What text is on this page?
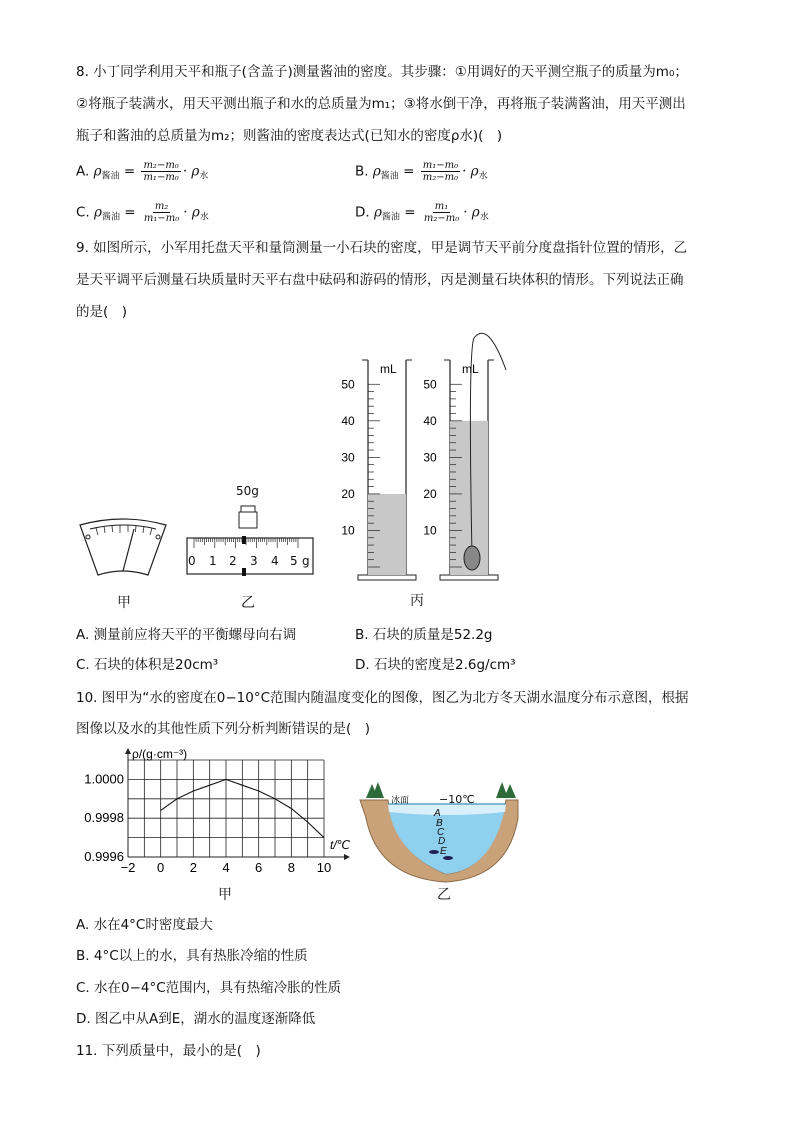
8. 小丁同学利用天平和瓶子(含盖子)测量酱油的密度。其步骤：①用调好的天平测空瓶子的质量为m₀；
②将瓶子装满水，用天平测出瓶子和水的总质量为m₁；③将水倒干净，再将瓶子装满酱油，用天平测出
瓶子和酱油的总质量为m₂；则酱油的密度表达式(已知水的密度ρ水)(　)
A. $\rho_{酱油} = \frac{\text{m₂−m₀}}{\text{m₁−m₀}} \cdot \rho_水$	B. $\rho_{酱油} = \frac{\text{m₁−m₀}}{\text{m₂−m₀}} \cdot \rho_水$
C. $\rho_{酱油} = \frac{\text{m₂}}{\text{m₁−m₀}} \cdot \rho_水$	D. $\rho_{酱油} = \frac{\text{m₁}}{\text{m₂−m₀}} \cdot \rho_水$
9. 如图所示，小军用托盘天平和量筒测量一小石块的密度，甲是调节天平前分度盘指针位置的情形，乙
是天平调平后测量石块质量时天平右盘中砝码和游码的情形，丙是测量石块体积的情形。下列说法正确
的是(　)
甲
50g
0 1 2 3 4 5 g
乙
mL
50
40
30
20
10
mL
50
40
30
20
10
丙
A. 测量前应将天平的平衡螺母向右调	B. 石块的质量是52.2g
C. 石块的体积是20cm³	D. 石块的密度是2.6g/cm³
10. 图甲为“水的密度在0−10°C范围内随温度变化的图像，图乙为北方冬天湖水温度分布示意图，根据
图像以及水的其他性质下列分析判断错误的是(　)
−2 0 2 4 6 8 10
1.0000
0.9998
0.9996
ρ/(g·cm⁻³)
t/℃
甲
A
B
C
D
E
冰面	−10℃
乙
A. 水在4°C时密度最大
B. 4°C以上的水，具有热胀冷缩的性质
C. 水在0−4°C范围内，具有热缩冷胀的性质
D. 图乙中从A到E，湖水的温度逐渐降低
11. 下列质量中，最小的是(　)
